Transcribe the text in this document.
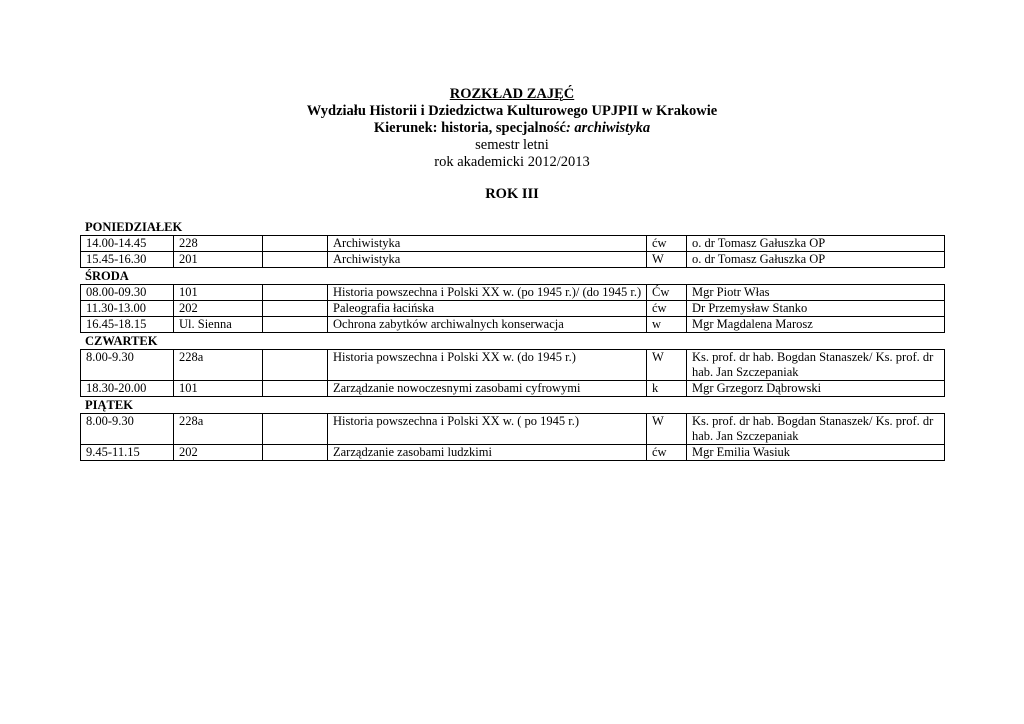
ROZKŁAD ZAJĘĆ
Wydziału Historii i Dziedzictwa Kulturowego UPJPII w Krakowie
Kierunek: historia, specjalność: archiwistyka
semestr letni
rok akademicki 2012/2013
ROK III
PONIEDZIAŁEK
14.00-14.45	228		Archiwistyka	ćw	o. dr Tomasz Gałuszka OP
15.45-16.30	201		Archiwistyka	W	o. dr Tomasz Gałuszka OP
ŚRODA
08.00-09.30	101		Historia powszechna i Polski XX w. (po 1945 r.)/ (do 1945 r.)	Ćw	Mgr Piotr Włas
11.30-13.00	202		Paleografia łacińska	ćw	Dr Przemysław Stanko
16.45-18.15	Ul. Sienna		Ochrona zabytków archiwalnych konserwacja	w	Mgr Magdalena Marosz
CZWARTEK
8.00-9.30	228a		Historia powszechna i Polski XX w. (do 1945 r.)	W	Ks. prof. dr hab. Bogdan Stanaszek/ Ks. prof. dr hab. Jan Szczepaniak
18.30-20.00	101		Zarządzanie nowoczesnymi zasobami cyfrowymi	k	Mgr Grzegorz Dąbrowski
PIĄTEK
8.00-9.30	228a		Historia powszechna i Polski XX w. ( po 1945 r.)	W	Ks. prof. dr hab. Bogdan Stanaszek/ Ks. prof. dr hab. Jan Szczepaniak
9.45-11.15	202		Zarządzanie zasobami ludzkimi	ćw	Mgr Emilia Wasiuk
